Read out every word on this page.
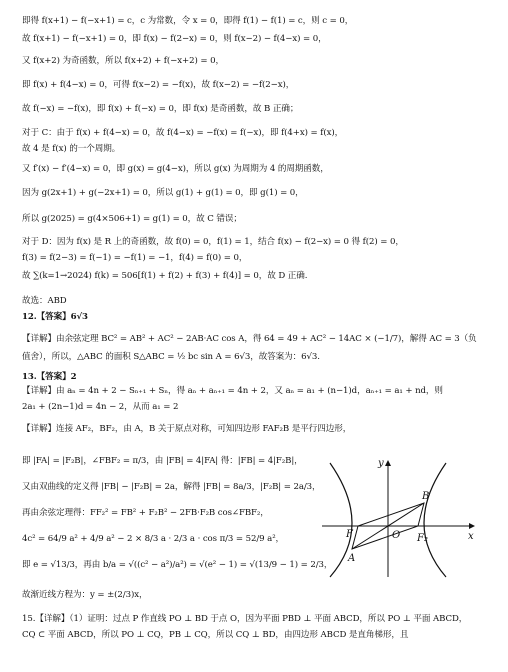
即得 f(x+1) − f(−x+1) = c，c 为常数，令 x = 0，即得 f(1) − f(1) = c，则 c = 0，
故 f(x+1) − f(−x+1) = 0，即 f(x) − f(2−x) = 0，则 f(x−2) − f(4−x) = 0，
又 f(x+2) 为奇函数，所以 f(x+2) + f(−x+2) = 0，
即 f(x) + f(4−x) = 0，可得 f(x−2) = −f(x)，故 f(x−2) = −f(2−x)，
故 f(−x) = −f(x)，即 f(x) + f(−x) = 0，即 f(x) 是奇函数，故 B 正确；
对于 C：由于 f(x) + f(4−x) = 0，故 f(4−x) = −f(x) = f(−x)，即 f(4+x) = f(x)，
故 4 是 f(x) 的一个周期。
又 f′(x) − f′(4−x) = 0，即 g(x) = g(4−x)，所以 g(x) 为周期为 4 的周期函数，
因为 g(2x+1) + g(−2x+1) = 0，所以 g(1) + g(1) = 0，即 g(1) = 0，
所以 g(2025) = g(4×506+1) = g(1) = 0，故 C 错误；
对于 D：因为 f(x) 是 R 上的奇函数，故 f(0) = 0，f(1) = 1，结合 f(x) − f(2−x) = 0 得 f(2) = 0，
f(3) = f(2−3) = f(−1) = −f(1) = −1，f(4) = f(0) = 0，
故 ∑(k=1→2024) f(k) = 506[f(1) + f(2) + f(3) + f(4)] = 0，故 D 正确.
故选：ABD
12.【答案】6√3
【详解】由余弦定理 BC² = AB² + AC² − 2AB·AC cos A，得 64 = 49 + AC² − 14AC × (−1/7)，解得 AC = 3（负
值舍），所以，△ABC 的面积 S△ABC = ½ bc sin A = 6√3，故答案为：6√3.
13.【答案】2
【详解】由 aₙ = 4n + 2 − Sₙ₊₁ + Sₙ，得 aₙ + aₙ₊₁ = 4n + 2，又 aₙ = a₁ + (n−1)d，aₙ₊₁ = a₁ + nd，则
2a₁ + (2n−1)d = 4n − 2，从而 a₁ = 2
【详解】连接 AF₂，BF₂，由 A，B 关于原点对称，可知四边形 FAF₂B 是平行四边形，
即 |FA| = |F₂B|，∠FBF₂ = π/3，由 |FB| = 4|FA| 得：|FB| = 4|F₂B|，
又由双曲线的定义得 |FB| − |F₂B| = 2a，解得 |FB| = 8a/3，|F₂B| = 2a/3，
再由余弦定理得：FF₂² = FB² + F₂B² − 2FB·F₂B cos∠FBF₂，
4c² = 64/9 a² + 4/9 a² − 2 × 8/3 a · 2/3 a · cos π/3 = 52/9 a²，
即 e = √13/3，再由 b/a = √((c² − a²)/a²) = √(e² − 1) = √(13/9 − 1) = 2/3，
故渐近线方程为：y = ±(2/3)x，
15.【详解】（1）证明：过点 P 作直线 PO ⊥ BD 于点 O，因为平面 PBD ⊥ 平面 ABCD，所以 PO ⊥ 平面 ABCD，
CQ ⊂ 平面 ABCD，所以 PO ⊥ CQ，PB ⊥ CQ，所以 CQ ⊥ BD，由四边形 ABCD 是直角梯形，且
y
x
B
O
F	F₂
A
